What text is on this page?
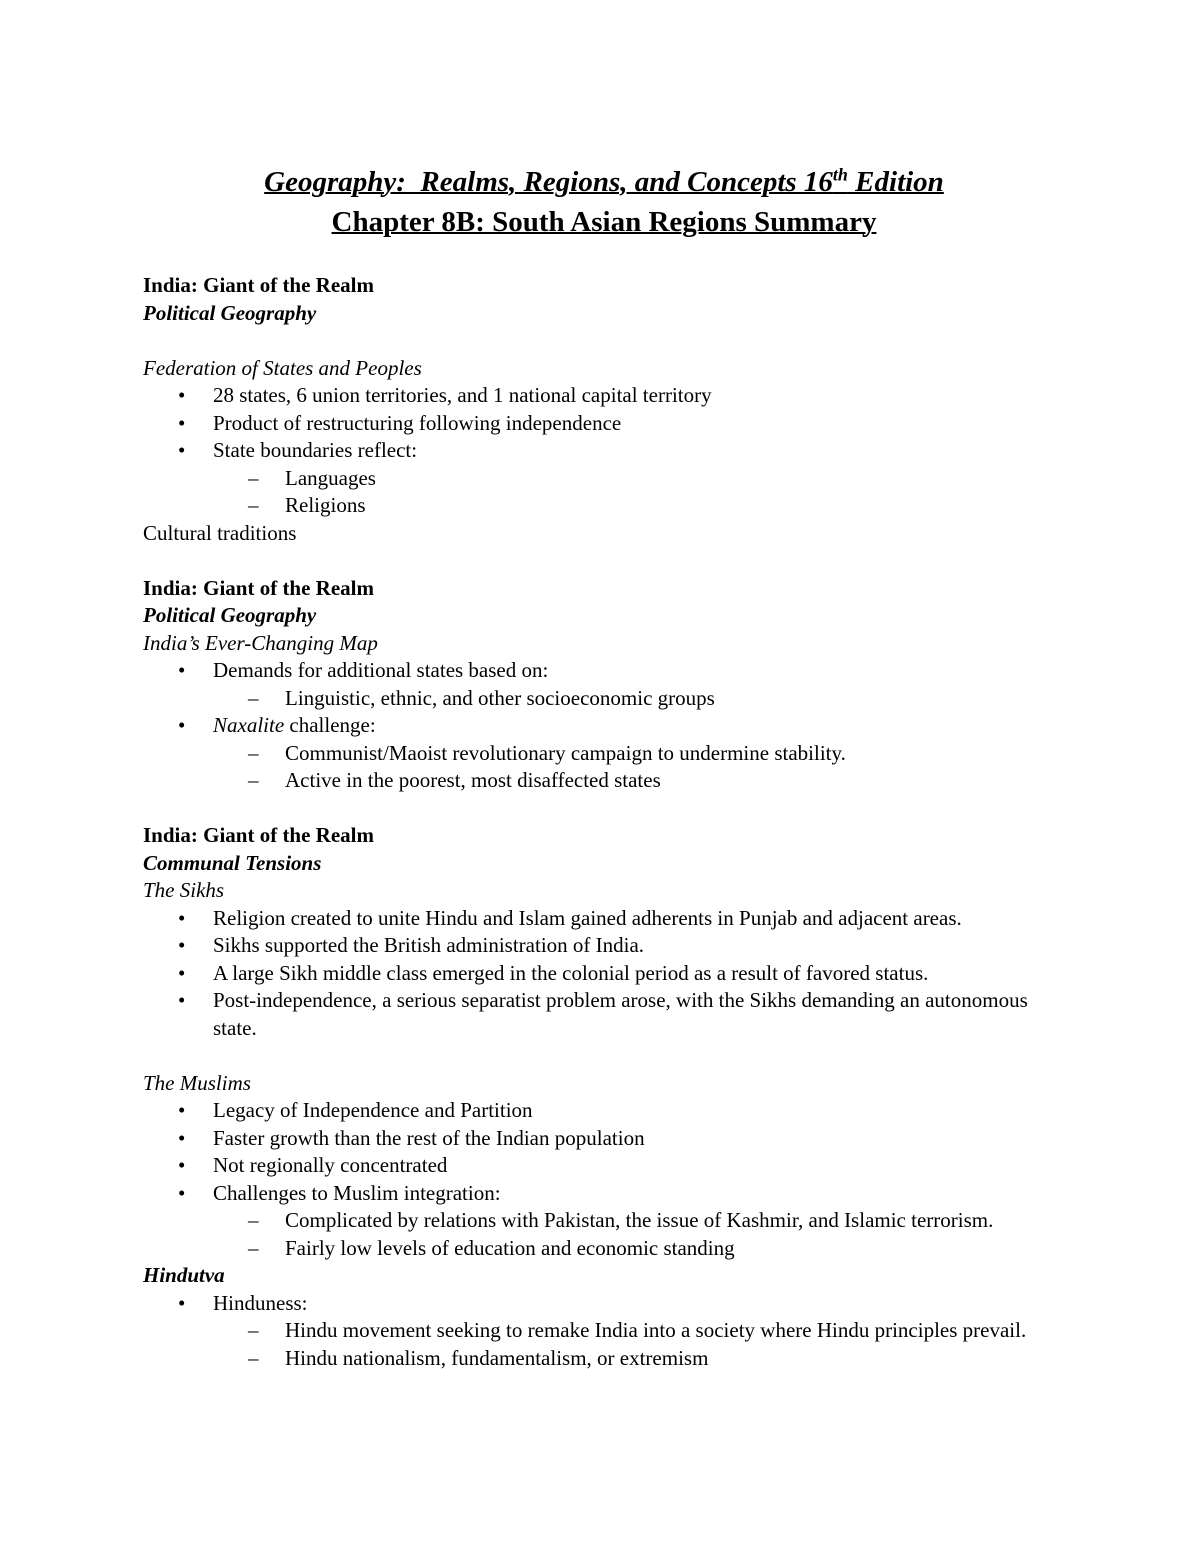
Geography:  Realms, Regions, and Concepts 16th Edition
Chapter 8B: South Asian Regions Summary
India: Giant of the Realm
Political Geography
Federation of States and Peoples
• 28 states, 6 union territories, and 1 national capital territory
• Product of restructuring following independence
• State boundaries reflect:
– Languages
– Religions
Cultural traditions
India: Giant of the Realm
Political Geography
India’s Ever-Changing Map
• Demands for additional states based on:
– Linguistic, ethnic, and other socioeconomic groups
• Naxalite challenge:
– Communist/Maoist revolutionary campaign to undermine stability.
– Active in the poorest, most disaffected states
India: Giant of the Realm
Communal Tensions
The Sikhs
• Religion created to unite Hindu and Islam gained adherents in Punjab and adjacent areas.
• Sikhs supported the British administration of India.
• A large Sikh middle class emerged in the colonial period as a result of favored status.
• Post-independence, a serious separatist problem arose, with the Sikhs demanding an autonomous state.
The Muslims
• Legacy of Independence and Partition
• Faster growth than the rest of the Indian population
• Not regionally concentrated
• Challenges to Muslim integration:
– Complicated by relations with Pakistan, the issue of Kashmir, and Islamic terrorism.
– Fairly low levels of education and economic standing
Hindutva
• Hinduness:
– Hindu movement seeking to remake India into a society where Hindu principles prevail.
– Hindu nationalism, fundamentalism, or extremism
